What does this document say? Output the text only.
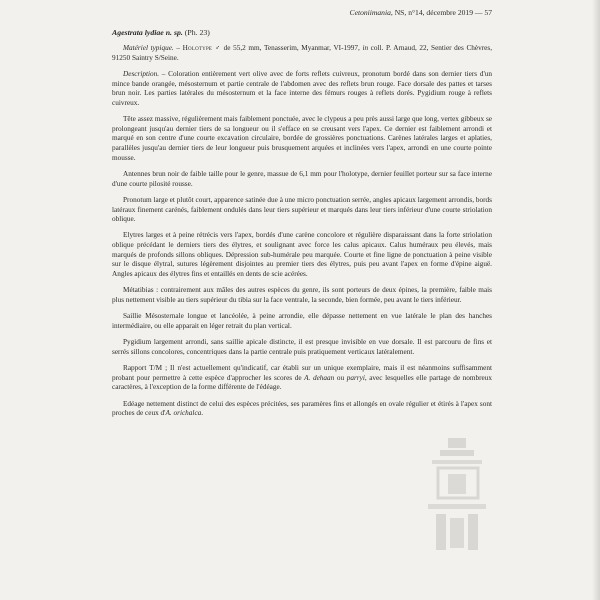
Cetoniimania, NS, n°14, décembre 2019 — 57
Agestrata lydiae n. sp. (Ph. 23)

Matériel typique. – Holotype ♂ de 55,2 mm, Tenasserim, Myanmar, VI-1997, in coll. P. Arnaud, 22, Sentier des Chèvres, 91250 Saintry S/Seine.

Description. – Coloration entièrement vert olive avec de forts reflets cuivreux, pronotum bordé dans son dernier tiers d'un mince bande orangée, mésosternum et partie centrale de l'abdomen avec des reflets brun rouge. Face dorsale des pattes et tarses brun noir. Les parties latérales du mésosternum et la face interne des fémurs rouges à reflets dorés. Pygidium rouge à reflets cuivreux.

Tête assez massive, régulièrement mais faiblement ponctuée, avec le clypeus a peu près aussi large que long, vertex gibbeux se prolongeant jusqu'au dernier tiers de sa longueur ou il s'efface en se creusant vers l'apex. Ce dernier est faiblement arrondi et marqué en son centre d'une courte excavation circulaire, bordée de grossières ponctuations. Carènes latérales larges et aplaties, parallèles jusqu'au dernier tiers de leur longueur puis brusquement arquées et inclinées vers l'apex, arrondi en une courte pointe mousse.

Antennes brun noir de faible taille pour le genre, massue de 6,1 mm pour l'holotype, dernier feuillet porteur sur sa face interne d'une courte pilosité rousse.

Pronotum large et plutôt court, apparence satinée due à une micro ponctuation serrée, angles apicaux largement arrondis, bords latéraux finement carénés, faiblement ondulés dans leur tiers supérieur et marqués dans leur tiers inférieur d'une courte striolation oblique.

Elytres larges et à peine rétrécis vers l'apex, bordés d'une carène concolore et régulière disparaissant dans la forte striolation oblique précédant le derniers tiers des élytres, et soulignant avec force les calus apicaux. Calus huméraux peu élevés, mais marqués de profonds sillons obliques. Dépression sub-humérale peu marquée. Courte et fine ligne de ponctuation à peine visible sur le disque élytral, sutures légèrement disjointes au premier tiers des élytres, puis peu avant l'apex en forme d'épine aiguë. Angles apicaux des élytres fins et entaillés en dents de scie acérées.

Métatibias : contrairement aux mâles des autres espèces du genre, ils sont porteurs de deux épines, la première, faible mais plus nettement visible au tiers supérieur du tibia sur la face ventrale, la seconde, bien formée, peu avant le tiers inférieur.

Saillie Mésosternale longue et lancéolée, à peine arrondie, elle dépasse nettement en vue latérale le plan des hanches intermédiaire, ou elle apparait en léger retrait du plan vertical.

Pygidium largement arrondi, sans saillie apicale distincte, il est presque invisible en vue dorsale. Il est parcouru de fins et serrés sillons concolores, concentriques dans la partie centrale puis pratiquement verticaux latéralement.

Rapport T/M ; Il n'est actuellement qu'indicatif, car établi sur un unique exemplaire, mais il est néanmoins suffisamment probant pour permettre à cette espèce d'approcher les scores de A. dehaan ou parryi, avec lesquelles elle partage de nombreux caractères, à l'exception de la forme différente de l'édéage.

Edéage nettement distinct de celui des espèces précitées, ses paramères fins et allongés en ovale régulier et étirés à l'apex sont proches de ceux d'A. orichalca.
